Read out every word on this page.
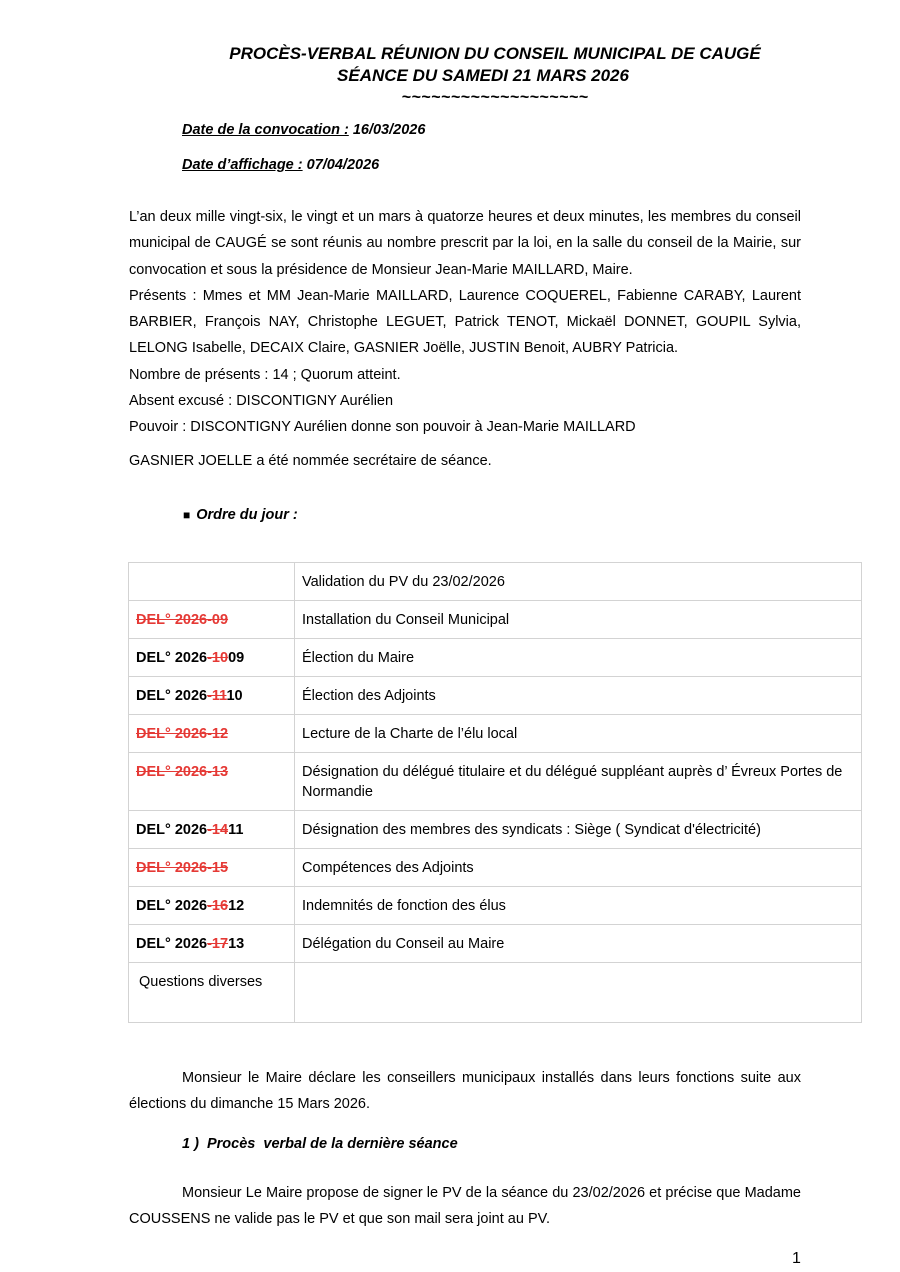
PROCÈS-VERBAL RÉUNION DU CONSEIL MUNICIPAL DE CAUGÉ
SÉANCE DU SAMEDI 21 MARS 2026
~~~~~~~~~~~~~~~~~~~
Date de la convocation : 16/03/2026
Date d’affichage : 07/04/2026

L’an deux mille vingt-six, le vingt et un mars à quatorze heures et deux minutes, les membres du conseil municipal de CAUGÉ se sont réunis au nombre prescrit par la loi, en la salle du conseil de la Mairie, sur convocation et sous la présidence de Monsieur Jean-Marie MAILLARD, Maire.

Présents : Mmes et MM Jean-Marie MAILLARD, Laurence COQUEREL, Fabienne CARABY, Laurent BARBIER, François NAY, Christophe LEGUET, Patrick TENOT, Mickaël DONNET, GOUPIL Sylvia, LELONG Isabelle, DECAIX Claire, GASNIER Joëlle, JUSTIN Benoit, AUBRY Patricia.

Nombre de présents : 14 ; Quorum atteint.

Absent excusé : DISCONTIGNY Aurélien

Pouvoir : DISCONTIGNY Aurélien donne son pouvoir à Jean-Marie MAILLARD

GASNIER JOELLE a été nommée secrétaire de séance.
■ Ordre du jour :
	Validation du PV du 23/02/2026
DEL° 2026-09	Installation du Conseil Municipal
DEL° 2026-1009	Élection du Maire
DEL° 2026-1110	Élection des Adjoints
DEL° 2026-12	Lecture de la Charte de l’élu local
DEL° 2026-13	Désignation du délégué titulaire et du délégué suppléant auprès d’ Évreux Portes de Normandie
DEL° 2026-1411	Désignation des membres des syndicats : Siège ( Syndicat d'électricité)
DEL° 2026-15	Compétences des Adjoints
DEL° 2026-1612	Indemnités de fonction des élus
DEL° 2026-1713	Délégation du Conseil au Maire
Questions diverses	
Monsieur le Maire déclare les conseillers municipaux installés dans leurs fonctions suite aux élections du dimanche 15 Mars 2026.
1 )  Procès  verbal de la dernière séance
Monsieur Le Maire propose de signer le PV de la séance du 23/02/2026 et précise que Madame COUSSENS ne valide pas le PV et que son mail sera joint au PV.
1
